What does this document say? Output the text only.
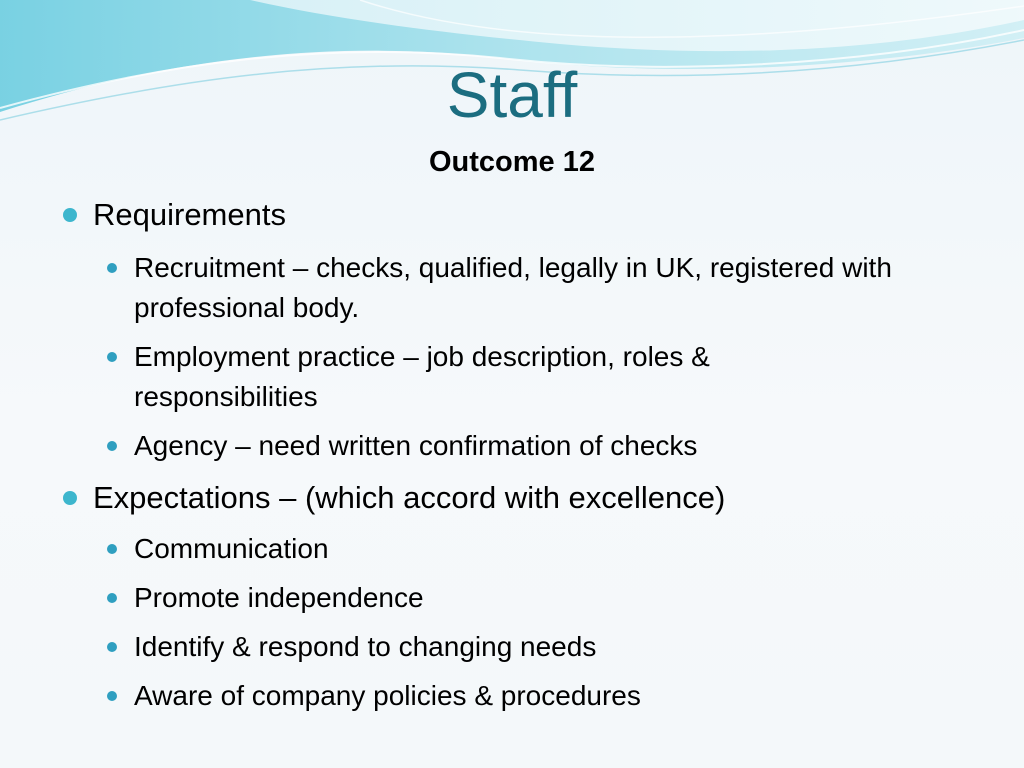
Staff
Outcome 12
Requirements
Recruitment – checks, qualified, legally in UK, registered with professional body.
Employment practice – job description, roles & responsibilities
Agency – need written confirmation of checks
Expectations – (which accord with excellence)
Communication
Promote independence
Identify & respond to changing needs
Aware of company policies & procedures
